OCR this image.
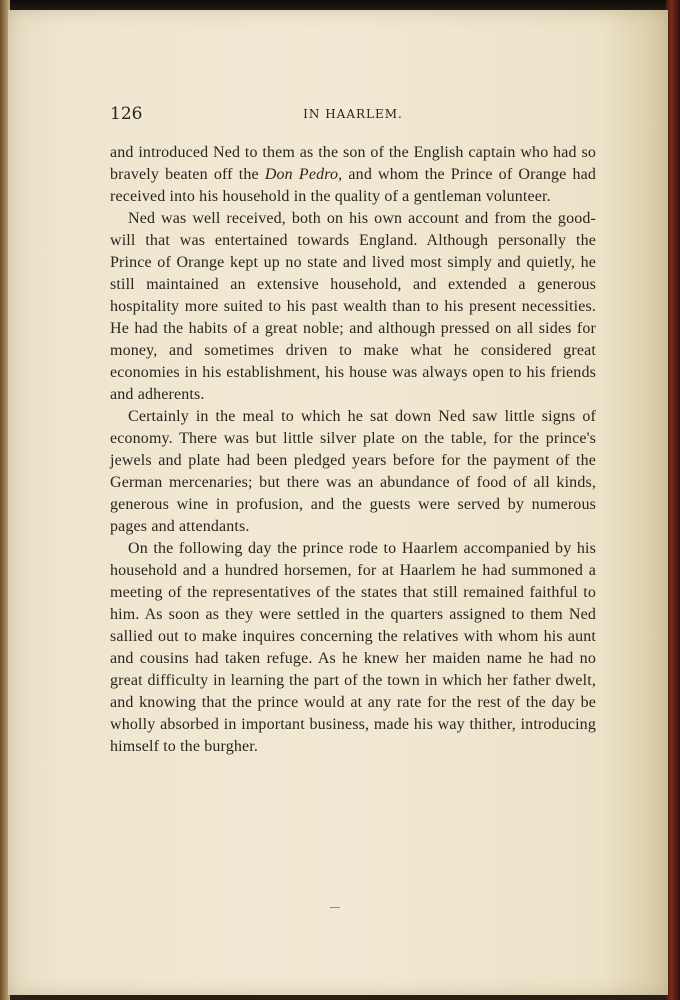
126	IN HAARLEM.

and introduced Ned to them as the son of the English captain who had so bravely beaten off the Don Pedro, and whom the Prince of Orange had received into his household in the quality of a gentleman volunteer.

Ned was well received, both on his own account and from the good-will that was entertained towards England. Although personally the Prince of Orange kept up no state and lived most simply and quietly, he still maintained an extensive household, and extended a generous hospitality more suited to his past wealth than to his present necessities. He had the habits of a great noble; and although pressed on all sides for money, and sometimes driven to make what he considered great economies in his establishment, his house was always open to his friends and adherents.

Certainly in the meal to which he sat down Ned saw little signs of economy. There was but little silver plate on the table, for the prince's jewels and plate had been pledged years before for the payment of the German mercenaries; but there was an abundance of food of all kinds, generous wine in profusion, and the guests were served by numerous pages and attendants.

On the following day the prince rode to Haarlem accompanied by his household and a hundred horsemen, for at Haarlem he had summoned a meeting of the representatives of the states that still remained faithful to him. As soon as they were settled in the quarters assigned to them Ned sallied out to make inquires concerning the relatives with whom his aunt and cousins had taken refuge. As he knew her maiden name he had no great difficulty in learning the part of the town in which her father dwelt, and knowing that the prince would at any rate for the rest of the day be wholly absorbed in important business, made his way thither, introducing himself to the burgher.
